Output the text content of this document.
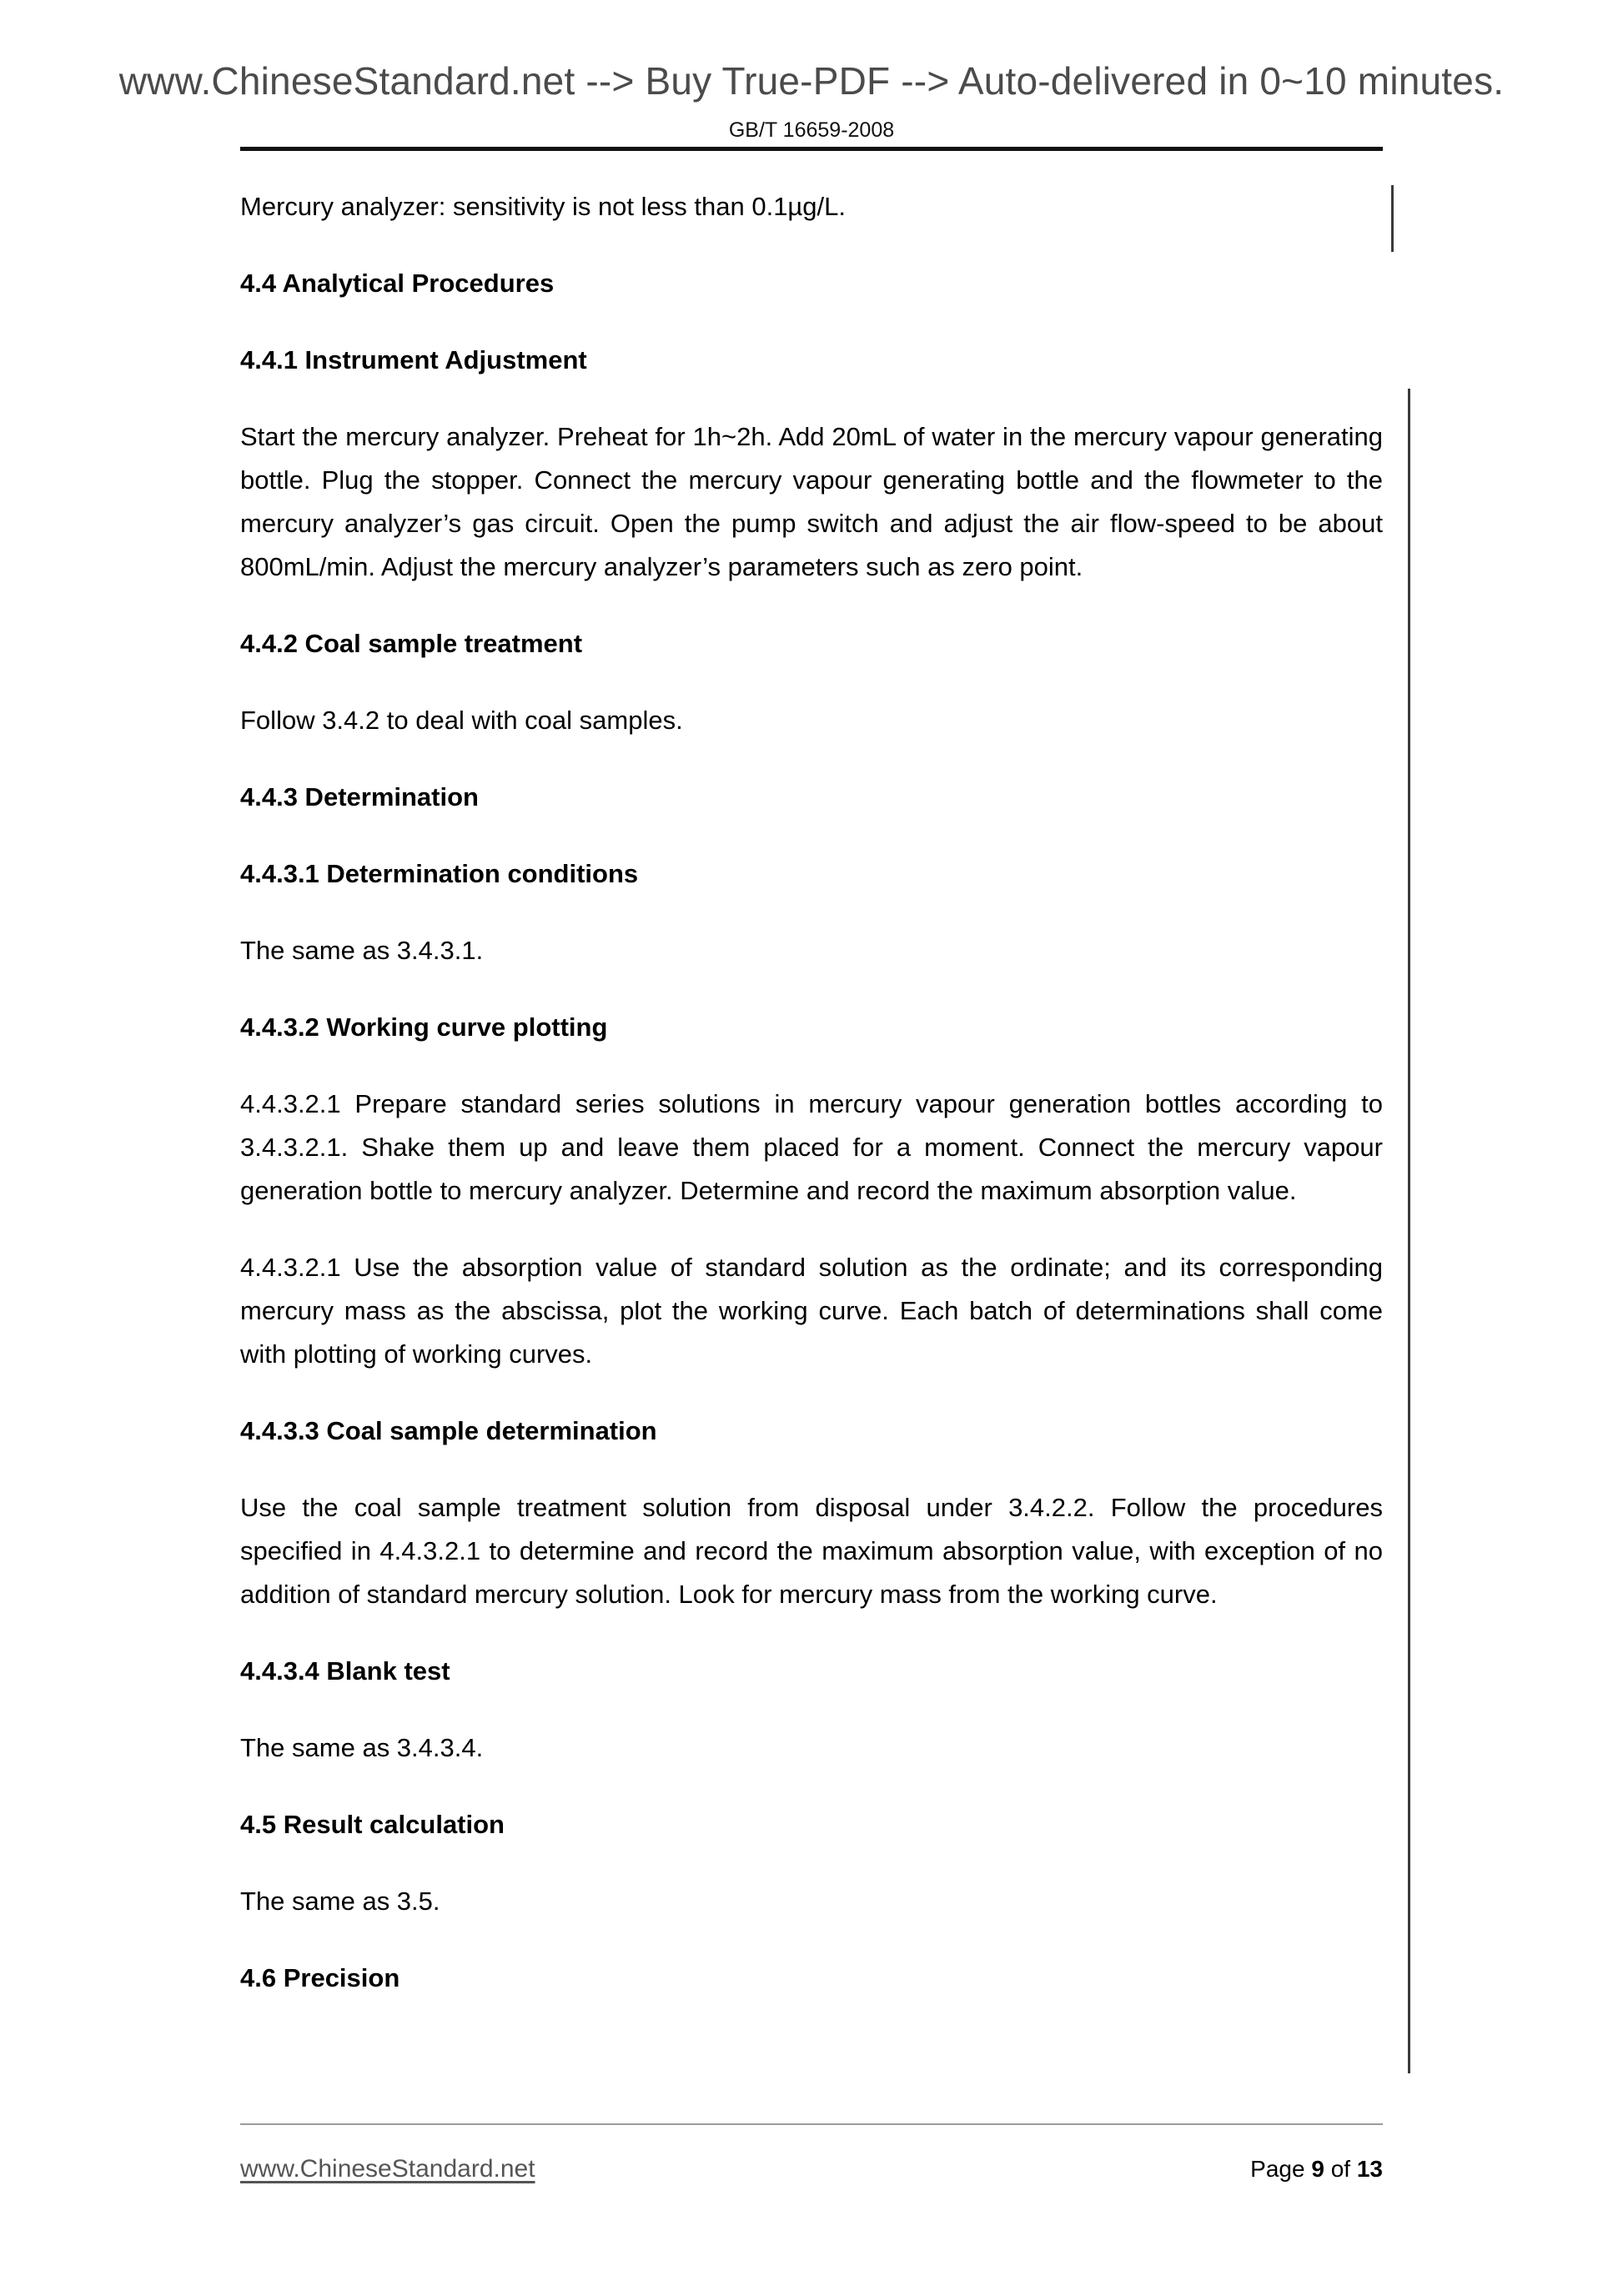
www.ChineseStandard.net --> Buy True-PDF --> Auto-delivered in 0~10 minutes.
GB/T 16659-2008

Mercury analyzer: sensitivity is not less than 0.1µg/L.

4.4 Analytical Procedures
4.4.1 Instrument Adjustment

Start the mercury analyzer. Preheat for 1h~2h. Add 20mL of water in the mercury vapour generating bottle. Plug the stopper. Connect the mercury vapour generating bottle and the flowmeter to the mercury analyzer’s gas circuit. Open the pump switch and adjust the air flow-speed to be about 800mL/min. Adjust the mercury analyzer’s parameters such as zero point.

4.4.2 Coal sample treatment

Follow 3.4.2 to deal with coal samples.

4.4.3 Determination
4.4.3.1 Determination conditions

The same as 3.4.3.1.

4.4.3.2 Working curve plotting

4.4.3.2.1 Prepare standard series solutions in mercury vapour generation bottles according to 3.4.3.2.1. Shake them up and leave them placed for a moment. Connect the mercury vapour generation bottle to mercury analyzer. Determine and record the maximum absorption value.

4.4.3.2.1 Use the absorption value of standard solution as the ordinate; and its corresponding mercury mass as the abscissa, plot the working curve. Each batch of determinations shall come with plotting of working curves.

4.4.3.3 Coal sample determination

Use the coal sample treatment solution from disposal under 3.4.2.2. Follow the procedures specified in 4.4.3.2.1 to determine and record the maximum absorption value, with exception of no addition of standard mercury solution. Look for mercury mass from the working curve.

4.4.3.4 Blank test

The same as 3.4.3.4.

4.5 Result calculation

The same as 3.5.

4.6 Precision
www.ChineseStandard.net	Page 9 of 13
